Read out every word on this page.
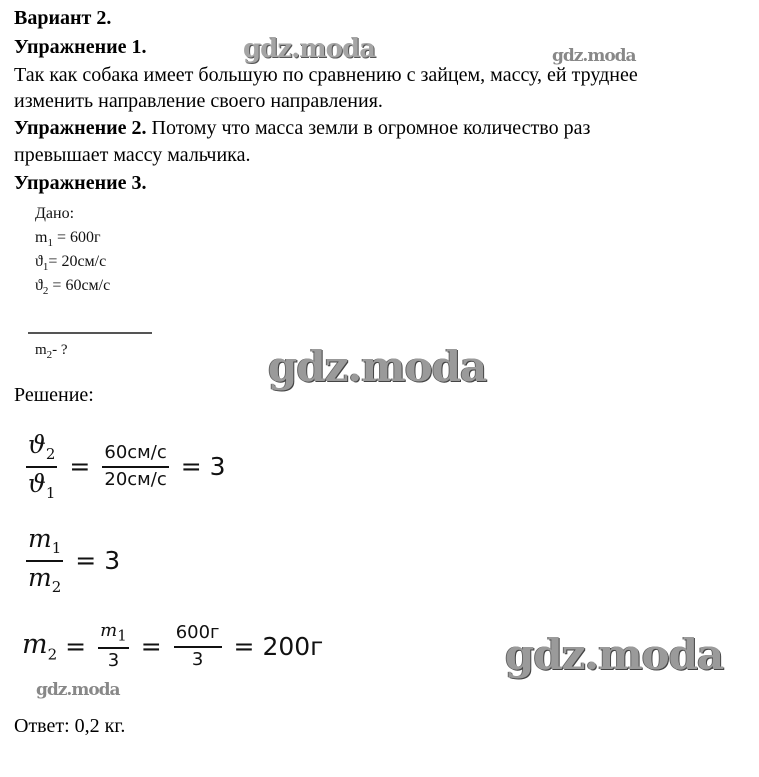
Вариант 2.
Упражнение 1.
Так как собака имеет большую по сравнению с зайцем, массу, ей труднее
изменить направление своего направления.
Упражнение 2. Потому что масса земли в огромное количество раз
превышает массу мальчика.
Упражнение 3.
Дано:
$m_1 = 600г$
$ϑ_1= 20см/с$
$ϑ_2 = 60см/с$
$m_2-$ ?
Решение:
$\frac{ϑ_2}{ϑ_1} = \frac{60см/с}{20см/с} = 3$
$\frac{m_1}{m_2} = 3$
$m_2 = \frac{m_1}{3} = \frac{600г}{3} = 200г$
Ответ: 0,2 кг.
gdz.moda	gdz.moda
gdz.moda
gdz.moda
gdz.moda
